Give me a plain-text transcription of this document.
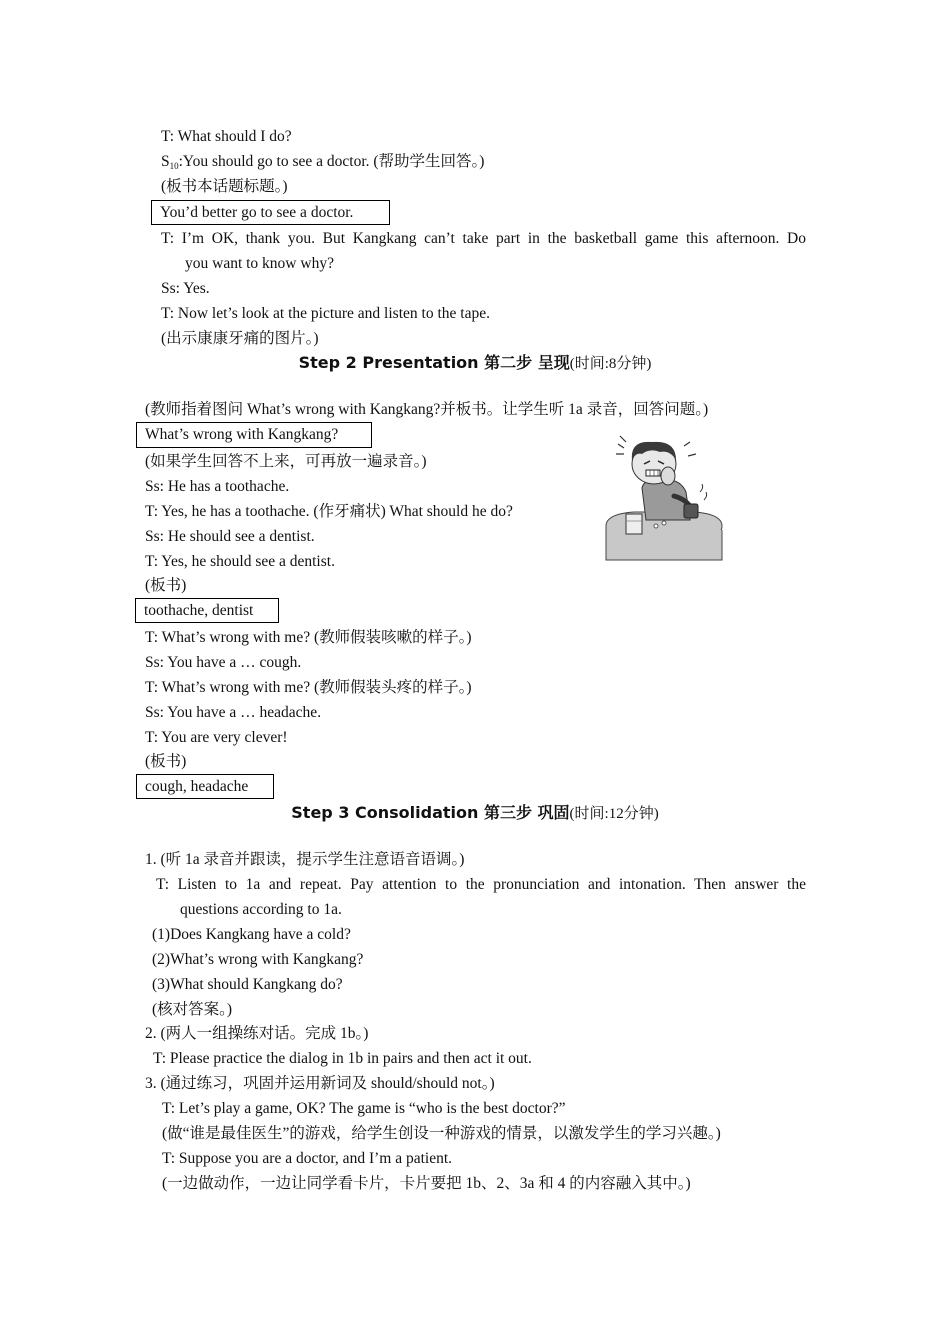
T: What should I do?
$S_{10}:You$ should go to see a doctor. (帮助学生回答。)
(板书本话题标题。)
You’d better go to see a doctor.
T: I’m OK, thank you. But Kangkang can’t take part in the basketball game this afternoon. Do
you want to know why?
Ss: Yes.
T: Now let’s look at the picture and listen to the tape.
(出示康康牙痛的图片。)
Step 2 Presentation 第二步 呈现(时间:8分钟)
(教师指着图问 What’s wrong with Kangkang?并板书。让学生听 1a 录音，回答问题。)
What’s wrong with Kangkang?
(如果学生回答不上来，可再放一遍录音。)
Ss: He has a toothache.
T: Yes, he has a toothache. (作牙痛状) What should he do?
Ss: He should see a dentist.
T: Yes, he should see a dentist.
(板书)
toothache, dentist
T: What’s wrong with me? (教师假装咳嗽的样子。)
Ss: You have a … cough.
T: What’s wrong with me? (教师假装头疼的样子。)
Ss: You have a … headache.
T: You are very clever!
(板书)
cough, headache
Step 3 Consolidation 第三步 巩固(时间:12分钟)
1. (听 1a 录音并跟读，提示学生注意语音语调。)
T: Listen to 1a and repeat. Pay attention to the pronunciation and intonation. Then answer the
questions according to 1a.
(1)Does Kangkang have a cold?
(2)What’s wrong with Kangkang?
(3)What should Kangkang do?
(核对答案。)
2. (两人一组操练对话。完成 1b。)
T: Please practice the dialog in 1b in pairs and then act it out.
3. (通过练习，巩固并运用新词及 should/should not。)
T: Let’s play a game, OK? The game is “who is the best doctor?”
(做“谁是最佳医生”的游戏，给学生创设一种游戏的情景，以激发学生的学习兴趣。)
T: Suppose you are a doctor, and I’m a patient.
(一边做动作，一边让同学看卡片，卡片要把 1b、2、3a 和 4 的内容融入其中。)
